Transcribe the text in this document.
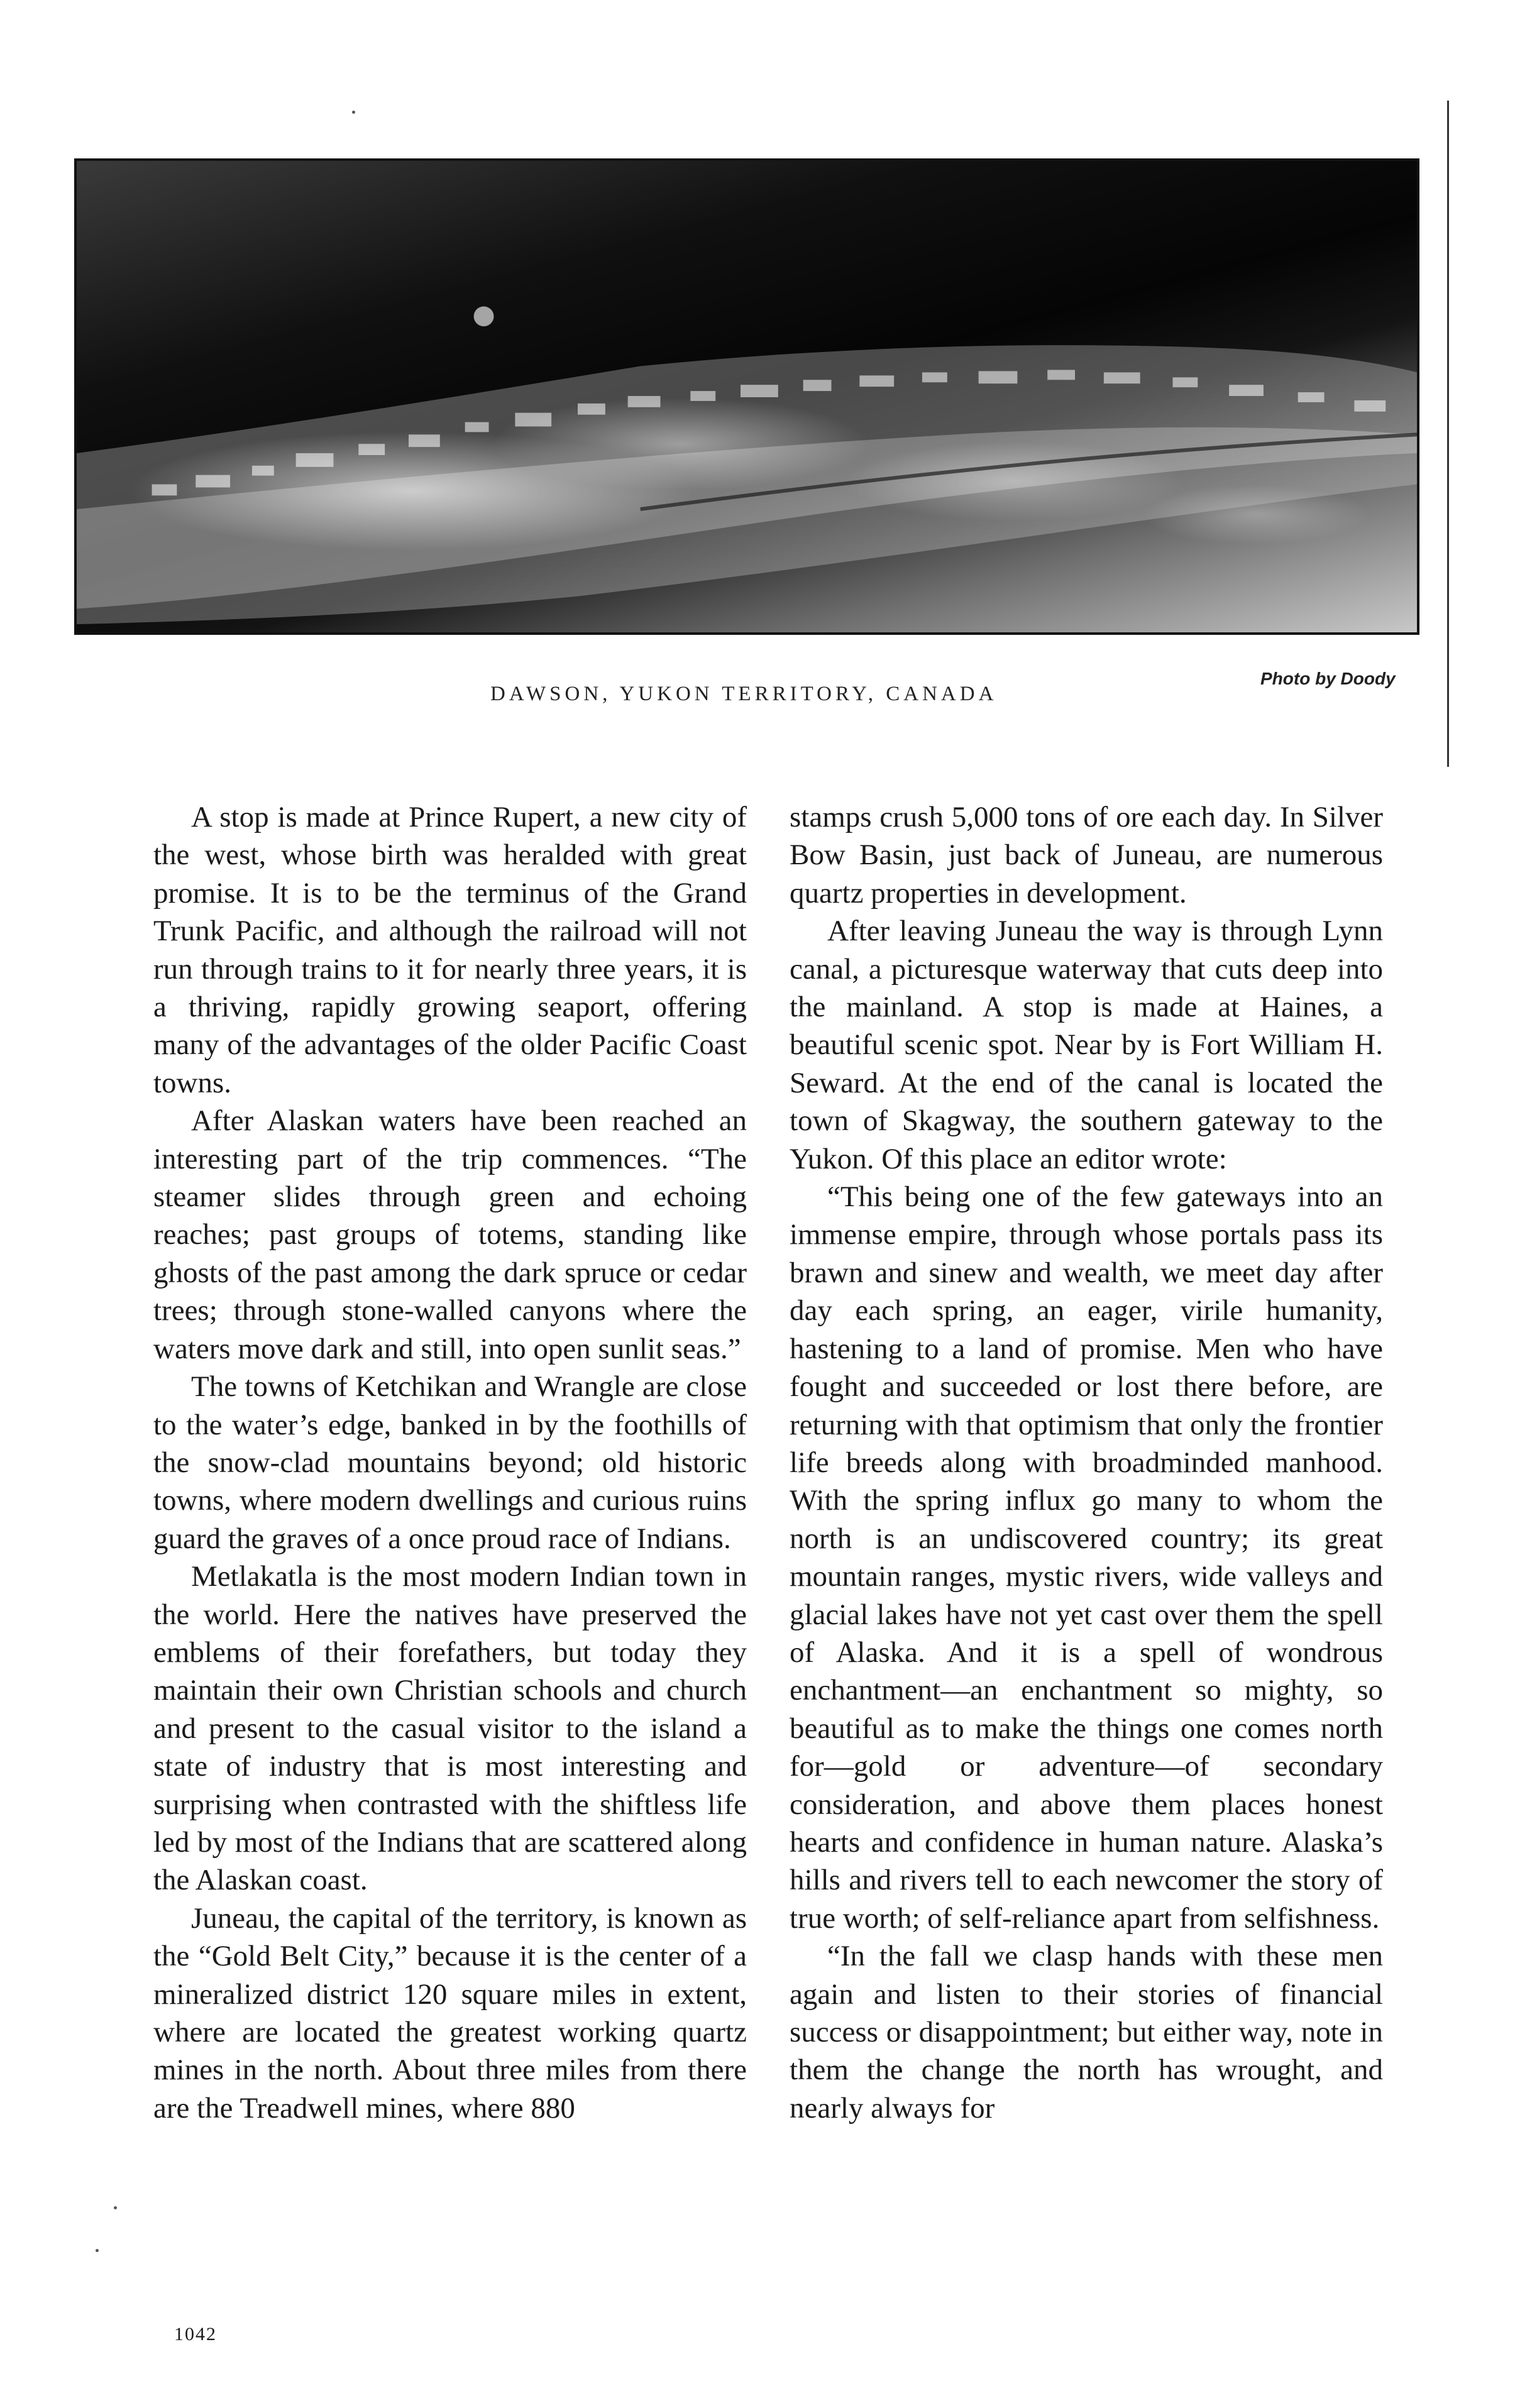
DAWSON, YUKON TERRITORY, CANADA
Photo by Doody

A stop is made at Prince Rupert, a new city of the west, whose birth was heralded with great promise. It is to be the terminus of the Grand Trunk Pacific, and although the railroad will not run through trains to it for nearly three years, it is a thriving, rapidly growing seaport, offering many of the advantages of the older Pacific Coast towns.

After Alaskan waters have been reached an interesting part of the trip commences. “The steamer slides through green and echoing reaches; past groups of totems, standing like ghosts of the past among the dark spruce or cedar trees; through stone-walled canyons where the waters move dark and still, into open sunlit seas.”

The towns of Ketchikan and Wrangle are close to the water’s edge, banked in by the foothills of the snow-clad mountains beyond; old historic towns, where modern dwellings and curious ruins guard the graves of a once proud race of Indians.

Metlakatla is the most modern Indian town in the world. Here the natives have preserved the emblems of their forefathers, but today they maintain their own Christian schools and church and present to the casual visitor to the island a state of industry that is most interesting and surprising when contrasted with the shiftless life led by most of the Indians that are scattered along the Alaskan coast.

Juneau, the capital of the territory, is known as the “Gold Belt City,” because it is the center of a mineralized district 120 square miles in extent, where are located the greatest working quartz mines in the north. About three miles from there are the Treadwell mines, where 880

stamps crush 5,000 tons of ore each day. In Silver Bow Basin, just back of Juneau, are numerous quartz properties in development.

After leaving Juneau the way is through Lynn canal, a picturesque waterway that cuts deep into the mainland. A stop is made at Haines, a beautiful scenic spot. Near by is Fort William H. Seward. At the end of the canal is located the town of Skagway, the southern gateway to the Yukon. Of this place an editor wrote:

“This being one of the few gateways into an immense empire, through whose portals pass its brawn and sinew and wealth, we meet day after day each spring, an eager, virile humanity, hastening to a land of promise. Men who have fought and succeeded or lost there before, are returning with that optimism that only the frontier life breeds along with broadminded manhood. With the spring influx go many to whom the north is an undiscovered country; its great mountain ranges, mystic rivers, wide valleys and glacial lakes have not yet cast over them the spell of Alaska. And it is a spell of wondrous enchantment—an enchantment so mighty, so beautiful as to make the things one comes north for—gold or adventure—of secondary consideration, and above them places honest hearts and confidence in human nature. Alaska’s hills and rivers tell to each newcomer the story of true worth; of self-reliance apart from selfishness.

“In the fall we clasp hands with these men again and listen to their stories of financial success or disappointment; but either way, note in them the change the north has wrought, and nearly always for

1042
